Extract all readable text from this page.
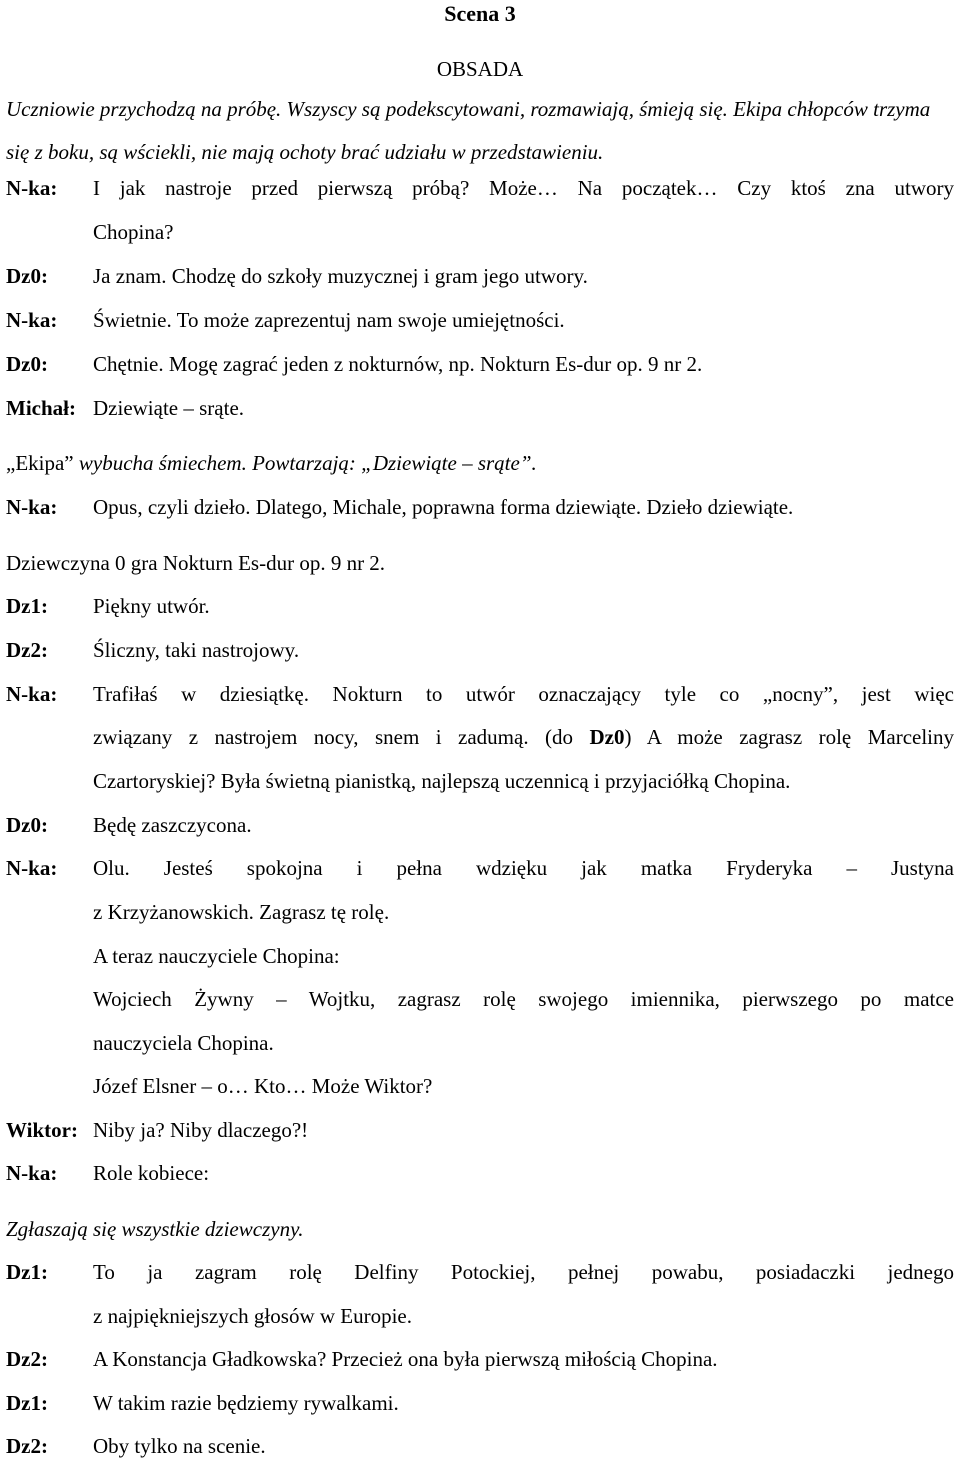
Scena 3
OBSADA
Uczniowie przychodzą na próbę. Wszyscy są podekscytowani, rozmawiają, śmieją się. Ekipa chłopców trzyma się z boku, są wściekli, nie mają ochoty brać udziału w przedstawieniu.
N-ka:	I jak nastroje przed pierwszą próbą? Może… Na początek… Czy ktoś zna utwory
Chopina?
Dz0:	Ja znam. Chodzę do szkoły muzycznej i gram jego utwory.
N-ka:	Świetnie. To może zaprezentuj nam swoje umiejętności.
Dz0:	Chętnie. Mogę zagrać jeden z nokturnów, np. Nokturn Es-dur op. 9 nr 2.
Michał: Dziewiąte – srąte.
„Ekipa” wybucha śmiechem. Powtarzają: „Dziewiąte – srąte”.
N-ka:	Opus, czyli dzieło. Dlatego, Michale, poprawna forma dziewiąte. Dzieło dziewiąte.
Dziewczyna 0 gra Nokturn Es-dur op. 9 nr 2.
Dz1:	Piękny utwór.
Dz2:	Śliczny, taki nastrojowy.
N-ka:	Trafiłaś w dziesiątkę. Nokturn to utwór oznaczający tyle co „nocny”, jest więc
związany z nastrojem nocy, snem i zadumą. (do Dz0) A może zagrasz rolę Marceliny
Czartoryskiej? Była świetną pianistką, najlepszą uczennicą i przyjaciółką Chopina.
Dz0:	Będę zaszczycona.
N-ka:	Olu. Jesteś spokojna i pełna wdzięku jak matka Fryderyka – Justyna
z Krzyżanowskich. Zagrasz tę rolę.
A teraz nauczyciele Chopina:
Wojciech Żywny – Wojtku, zagrasz rolę swojego imiennika, pierwszego po matce
nauczyciela Chopina.
Józef Elsner – o… Kto… Może Wiktor?
Wiktor: Niby ja? Niby dlaczego?!
N-ka:	Role kobiece:
Zgłaszają się wszystkie dziewczyny.
Dz1:	To ja zagram rolę Delfiny Potockiej, pełnej powabu, posiadaczki jednego
z najpiękniejszych głosów w Europie.
Dz2:	A Konstancja Gładkowska? Przecież ona była pierwszą miłością Chopina.
Dz1:	W takim razie będziemy rywalkami.
Dz2:	Oby tylko na scenie.
